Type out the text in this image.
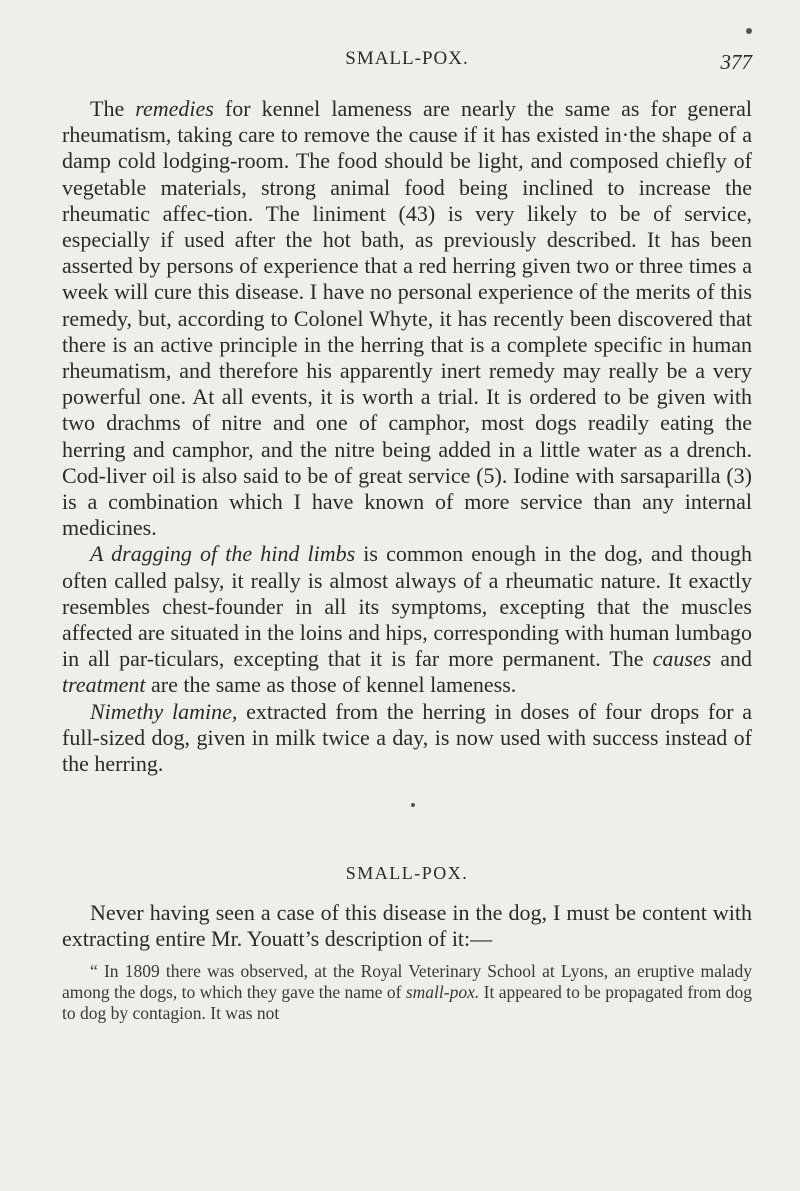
SMALL-POX.	377

The remedies for kennel lameness are nearly the same as for general rheumatism, taking care to remove the cause if it has existed in·the shape of a damp cold lodging-room. The food should be light, and composed chiefly of vegetable materials, strong animal food being inclined to increase the rheumatic affec-tion. The liniment (43) is very likely to be of service, especially if used after the hot bath, as previously described. It has been asserted by persons of experience that a red herring given two or three times a week will cure this disease. I have no personal experience of the merits of this remedy, but, according to Colonel Whyte, it has recently been discovered that there is an active principle in the herring that is a complete specific in human rheumatism, and therefore his apparently inert remedy may really be a very powerful one. At all events, it is worth a trial. It is ordered to be given with two drachms of nitre and one of camphor, most dogs readily eating the herring and camphor, and the nitre being added in a little water as a drench. Cod-liver oil is also said to be of great service (5). Iodine with sarsaparilla (3) is a combination which I have known of more service than any internal medicines.

A dragging of the hind limbs is common enough in the dog, and though often called palsy, it really is almost always of a rheumatic nature. It exactly resembles chest-founder in all its symptoms, excepting that the muscles affected are situated in the loins and hips, corresponding with human lumbago in all par-ticulars, excepting that it is far more permanent. The causes and treatment are the same as those of kennel lameness.

Nimethy lamine, extracted from the herring in doses of four drops for a full-sized dog, given in milk twice a day, is now used with success instead of the herring.

SMALL-POX.

Never having seen a case of this disease in the dog, I must be content with extracting entire Mr. Youatt’s description of it:—

“ In 1809 there was observed, at the Royal Veterinary School at Lyons, an eruptive malady among the dogs, to which they gave the name of small-pox. It appeared to be propagated from dog to dog by contagion. It was not
